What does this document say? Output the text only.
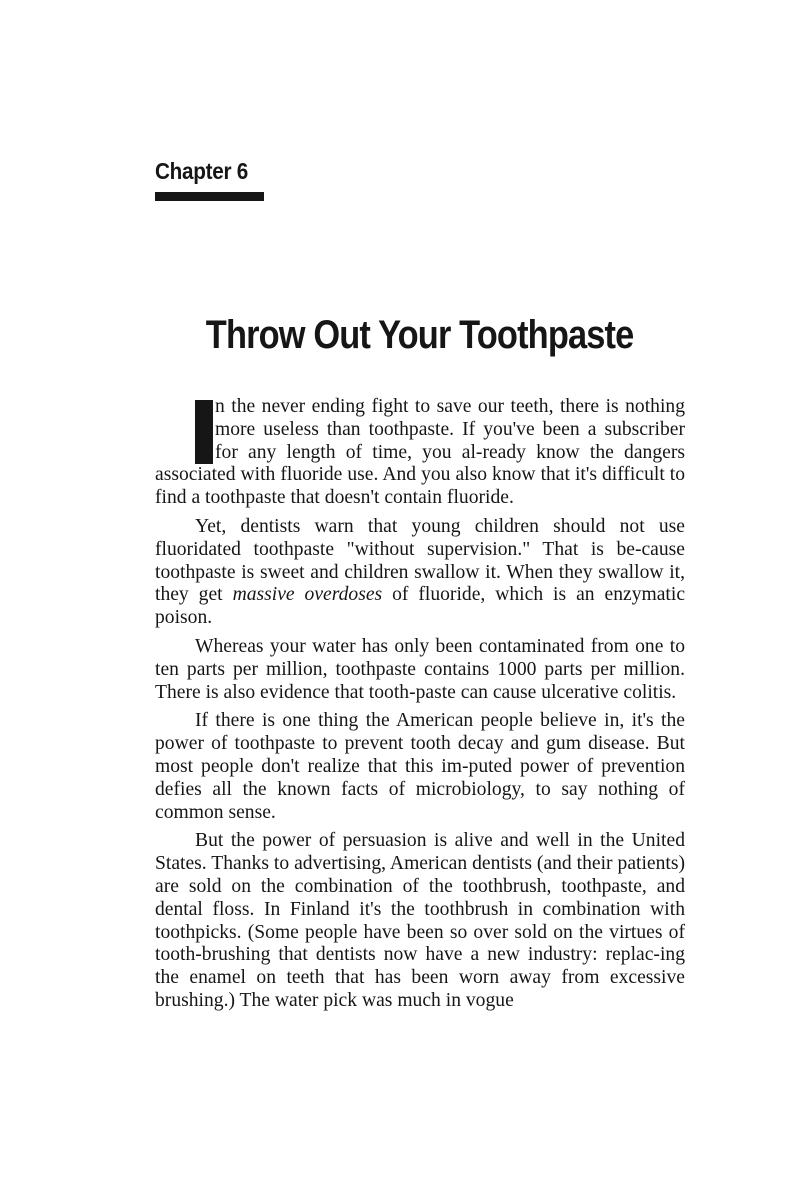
Chapter 6
Throw Out Your Toothpaste

n the never ending fight to save our teeth, there is nothing more useless than toothpaste. If you've been a subscriber for any length of time, you al-ready know the dangers associated with fluoride use. And you also know that it's difficult to find a toothpaste that doesn't contain fluoride.

Yet, dentists warn that young children should not use fluoridated toothpaste "without supervision." That is be-cause toothpaste is sweet and children swallow it. When they swallow it, they get massive overdoses of fluoride, which is an enzymatic poison.

Whereas your water has only been contaminated from one to ten parts per million, toothpaste contains 1000 parts per million. There is also evidence that tooth-paste can cause ulcerative colitis.

If there is one thing the American people believe in, it's the power of toothpaste to prevent tooth decay and gum disease. But most people don't realize that this im-puted power of prevention defies all the known facts of microbiology, to say nothing of common sense.

But the power of persuasion is alive and well in the United States. Thanks to advertising, American dentists (and their patients) are sold on the combination of the toothbrush, toothpaste, and dental floss. In Finland it's the toothbrush in combination with toothpicks. (Some people have been so over sold on the virtues of tooth-brushing that dentists now have a new industry: replac-ing the enamel on teeth that has been worn away from excessive brushing.) The water pick was much in vogue
